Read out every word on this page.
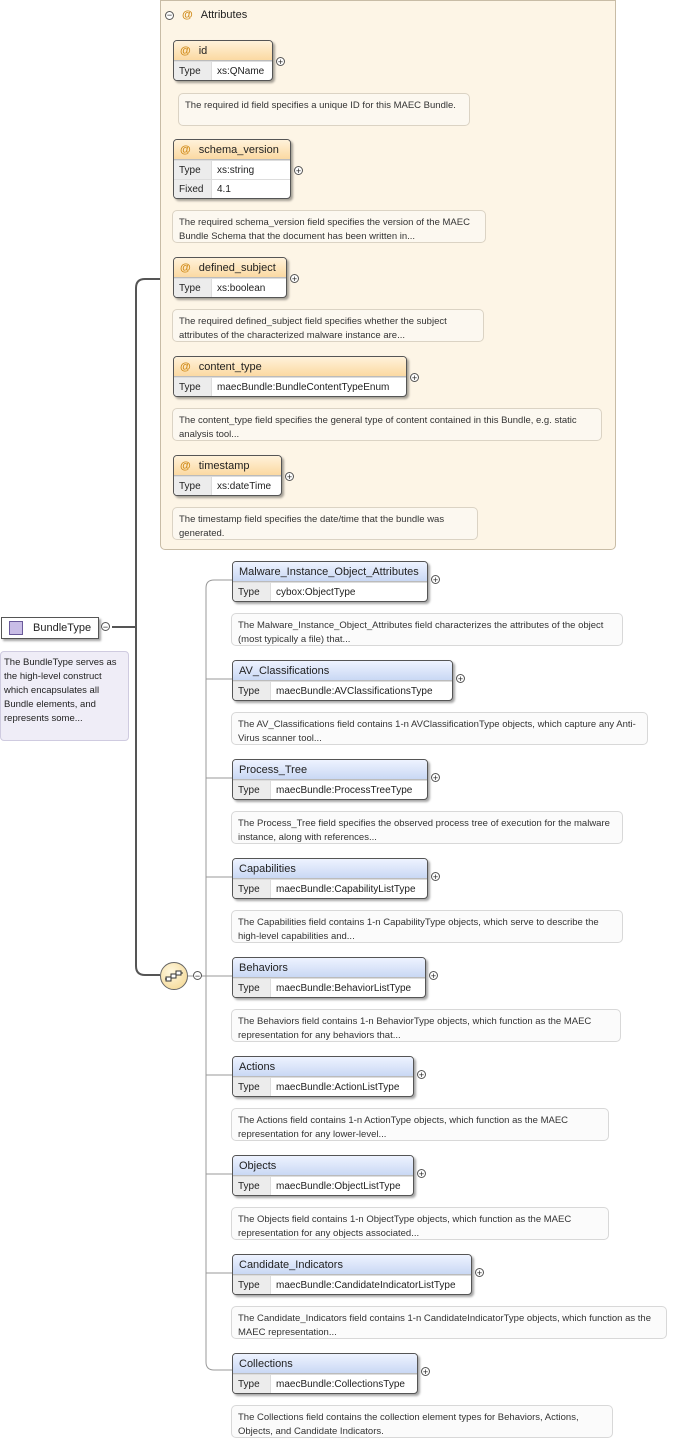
BundleType
−
The BundleType serves as the high-level construct which encapsulates all Bundle elements, and represents some...
−
@ Attributes
@ id
Type	xs:QName
+
The required id field specifies a unique ID for this MAEC Bundle.
@ schema_version
Type	xs:string
Fixed	4.1
+
The required schema_version field specifies the version of the MAEC Bundle Schema that the document has been written in...
@ defined_subject
Type	xs:boolean
+
The required defined_subject field specifies whether the subject attributes of the characterized malware instance are...
@ content_type
Type	maecBundle:BundleContentTypeEnum
+
The content_type field specifies the general type of content contained in this Bundle, e.g. static analysis tool...
@ timestamp
Type	xs:dateTime
+
The timestamp field specifies the date/time that the bundle was generated.
Malware_Instance_Object_Attributes
Type	cybox:ObjectType
+
The Malware_Instance_Object_Attributes field characterizes the attributes of the object (most typically a file) that...
AV_Classifications
Type	maecBundle:AVClassificationsType
+
The AV_Classifications field contains 1-n AVClassificationType objects, which capture any Anti-Virus scanner tool...
Process_Tree
Type	maecBundle:ProcessTreeType
+
The Process_Tree field specifies the observed process tree of execution for the malware instance, along with references...
Capabilities
Type	maecBundle:CapabilityListType
+
The Capabilities field contains 1-n CapabilityType objects, which serve to describe the high-level capabilities and...
Behaviors
Type	maecBundle:BehaviorListType
+
The Behaviors field contains 1-n BehaviorType objects, which function as the MAEC representation for any behaviors that...
Actions
Type	maecBundle:ActionListType
+
The Actions field contains 1-n ActionType objects, which function as the MAEC representation for any lower-level...
Objects
Type	maecBundle:ObjectListType
+
The Objects field contains 1-n ObjectType objects, which function as the MAEC representation for any objects associated...
Candidate_Indicators
Type	maecBundle:CandidateIndicatorListType
+
The Candidate_Indicators field contains 1-n CandidateIndicatorType objects, which function as the MAEC representation...
Collections
Type	maecBundle:CollectionsType
+
The Collections field contains the collection element types for Behaviors, Actions, Objects, and Candidate Indicators.
−
